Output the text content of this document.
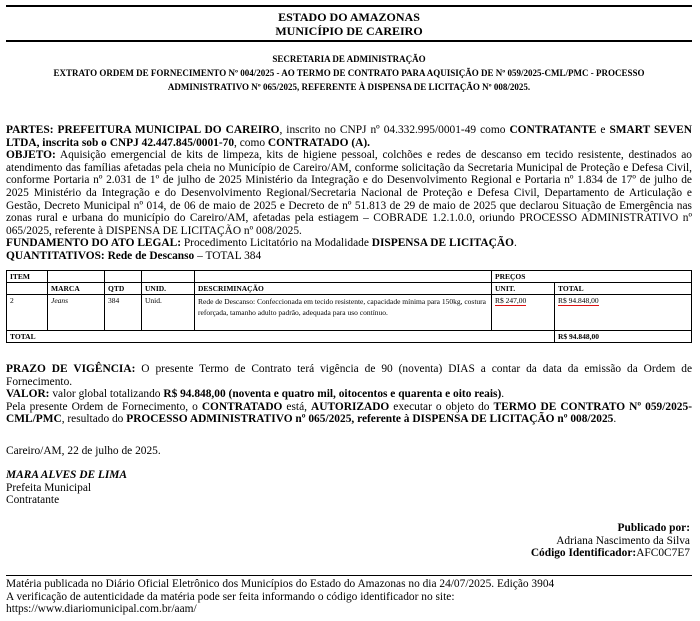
ESTADO DO AMAZONAS
MUNICÍPIO DE CAREIRO
SECRETARIA DE ADMINISTRAÇÃO
EXTRATO ORDEM DE FORNECIMENTO Nº 004/2025 - AO TERMO DE CONTRATO PARA AQUISIÇÃO DE Nº 059/2025-CML/PMC - PROCESSO
ADMINISTRATIVO Nº 065/2025, REFERENTE À DISPENSA DE LICITAÇÃO Nº 008/2025.

PARTES: PREFEITURA MUNICIPAL DO CAREIRO, inscrito no CNPJ nº 04.332.995/0001-49 como CONTRATANTE e SMART SEVEN LTDA, inscrita sob o CNPJ 42.447.845/0001-70, como CONTRATADO (A).

OBJETO: Aquisição emergencial de kits de limpeza, kits de higiene pessoal, colchões e redes de descanso em tecido resistente, destinados ao atendimento das famílias afetadas pela cheia no Município de Careiro/AM, conforme solicitação da Secretaria Municipal de Proteção e Defesa Civil, conforme Portaria nº 2.031 de 1º de julho de 2025 Ministério da Integração e do Desenvolvimento Regional e Portaria nº 1.834 de 17º de julho de 2025 Ministério da Integração e do Desenvolvimento Regional/Secretaria Nacional de Proteção e Defesa Civil, Departamento de Articulação e Gestão, Decreto Municipal nº 014, de 06 de maio de 2025 e Decreto de nº 51.813 de 29 de maio de 2025 que declarou Situação de Emergência nas zonas rural e urbana do município do Careiro/AM, afetadas pela estiagem – COBRADE 1.2.1.0.0, oriundo PROCESSO ADMINISTRATIVO nº 065/2025, referente à DISPENSA DE LICITAÇÃO nº 008/2025.

FUNDAMENTO DO ATO LEGAL: Procedimento Licitatório na Modalidade DISPENSA DE LICITAÇÃO.

QUANTITATIVOS: Rede de Descanso – TOTAL 384

ITEM					PREÇOS	
	MARCA	QTD	UNID.	DESCRIMINAÇÃO	UNIT.	TOTAL
2	Jeans	384	Unid.	Rede de Descanso: Confeccionada em tecido resistente, capacidade mínima para 150kg, costura
reforçada, tamanho adulto padrão, adequada para uso contínuo.	R$ 247,00	R$ 94.848,00
TOTAL						R$ 94.848,00

PRAZO DE VIGÊNCIA: O presente Termo de Contrato terá vigência de 90 (noventa) DIAS a contar da data da emissão da Ordem de Fornecimento.

VALOR: valor global totalizando R$ 94.848,00 (noventa e quatro mil, oitocentos e quarenta e oito reais).

Pela presente Ordem de Fornecimento, o CONTRATADO está, AUTORIZADO executar o objeto do TERMO DE CONTRATO Nº 059/2025-CML/PMC, resultado do PROCESSO ADMINISTRATIVO nº 065/2025, referente à DISPENSA DE LICITAÇÃO nº 008/2025.

Careiro/AM, 22 de julho de 2025.
MARA ALVES DE LIMA
Prefeita Municipal
Contratante
Publicado por:
Adriana Nascimento da Silva
Código Identificador:AFC0C7E7

Matéria publicada no Diário Oficial Eletrônico dos Municípios do Estado do Amazonas no dia 24/07/2025. Edição 3904

A verificação de autenticidade da matéria pode ser feita informando o código identificador no site:

https://www.diariomunicipal.com.br/aam/
